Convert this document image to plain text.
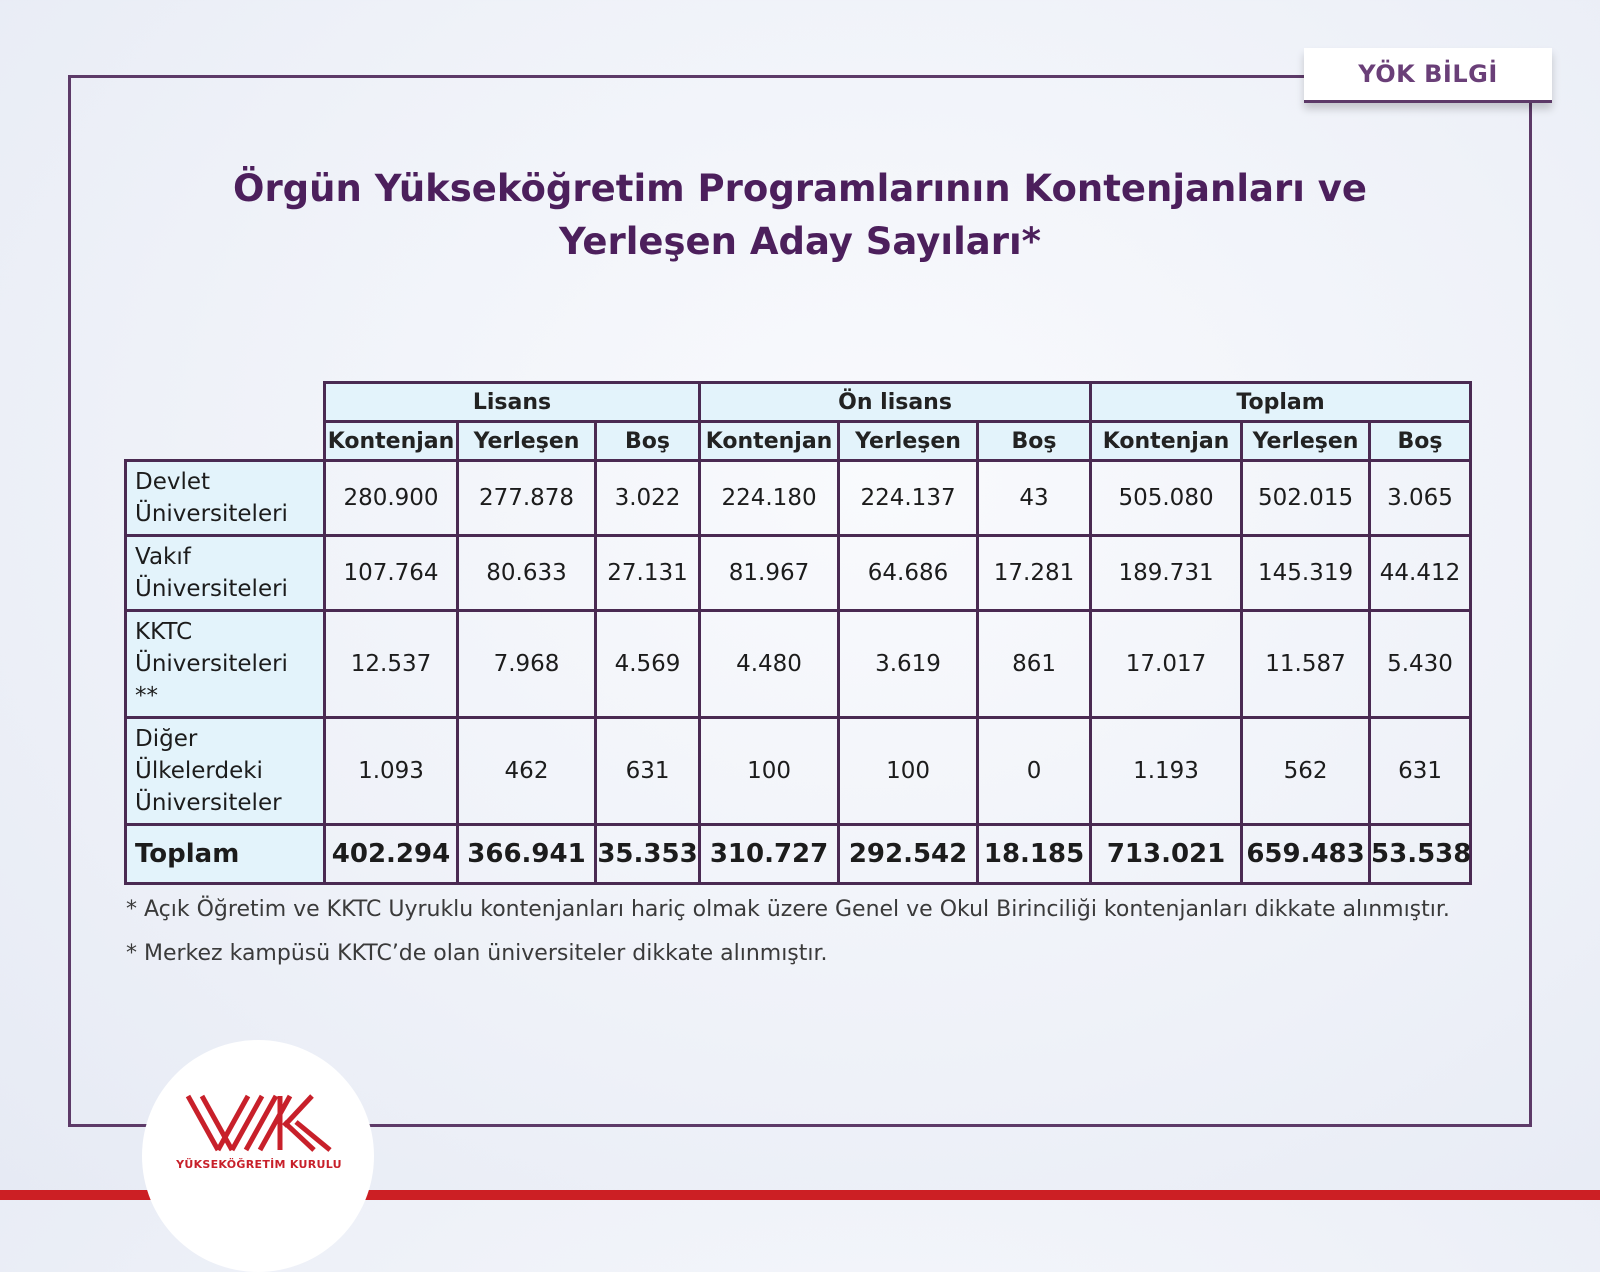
YÖK BİLGİ
Örgün Yükseköğretim Programlarının Kontenjanları ve
Yerleşen Aday Sayıları*
	Lisans			Ön lisans			Toplam		
	Kontenjan	Yerleşen	Boş	Kontenjan	Yerleşen	Boş	Kontenjan	Yerleşen	Boş
Devlet Üniversiteleri	280.900	277.878	3.022	224.180	224.137	43	505.080	502.015	3.065
Vakıf Üniversiteleri	107.764	80.633	27.131	81.967	64.686	17.281	189.731	145.319	44.412
KKTC Üniversiteleri **	12.537	7.968	4.569	4.480	3.619	861	17.017	11.587	5.430
Diğer Ülkelerdeki Üniversiteler	1.093	462	631	100	100	0	1.193	562	631
Toplam	402.294	366.941	35.353	310.727	292.542	18.185	713.021	659.483	53.538
* Açık Öğretim ve KKTC Uyruklu kontenjanları hariç olmak üzere Genel ve Okul Birinciliği kontenjanları dikkate alınmıştır.
* Merkez kampüsü KKTC’de olan üniversiteler dikkate alınmıştır.
YÜKSEKÖĞRETİM KURULU
